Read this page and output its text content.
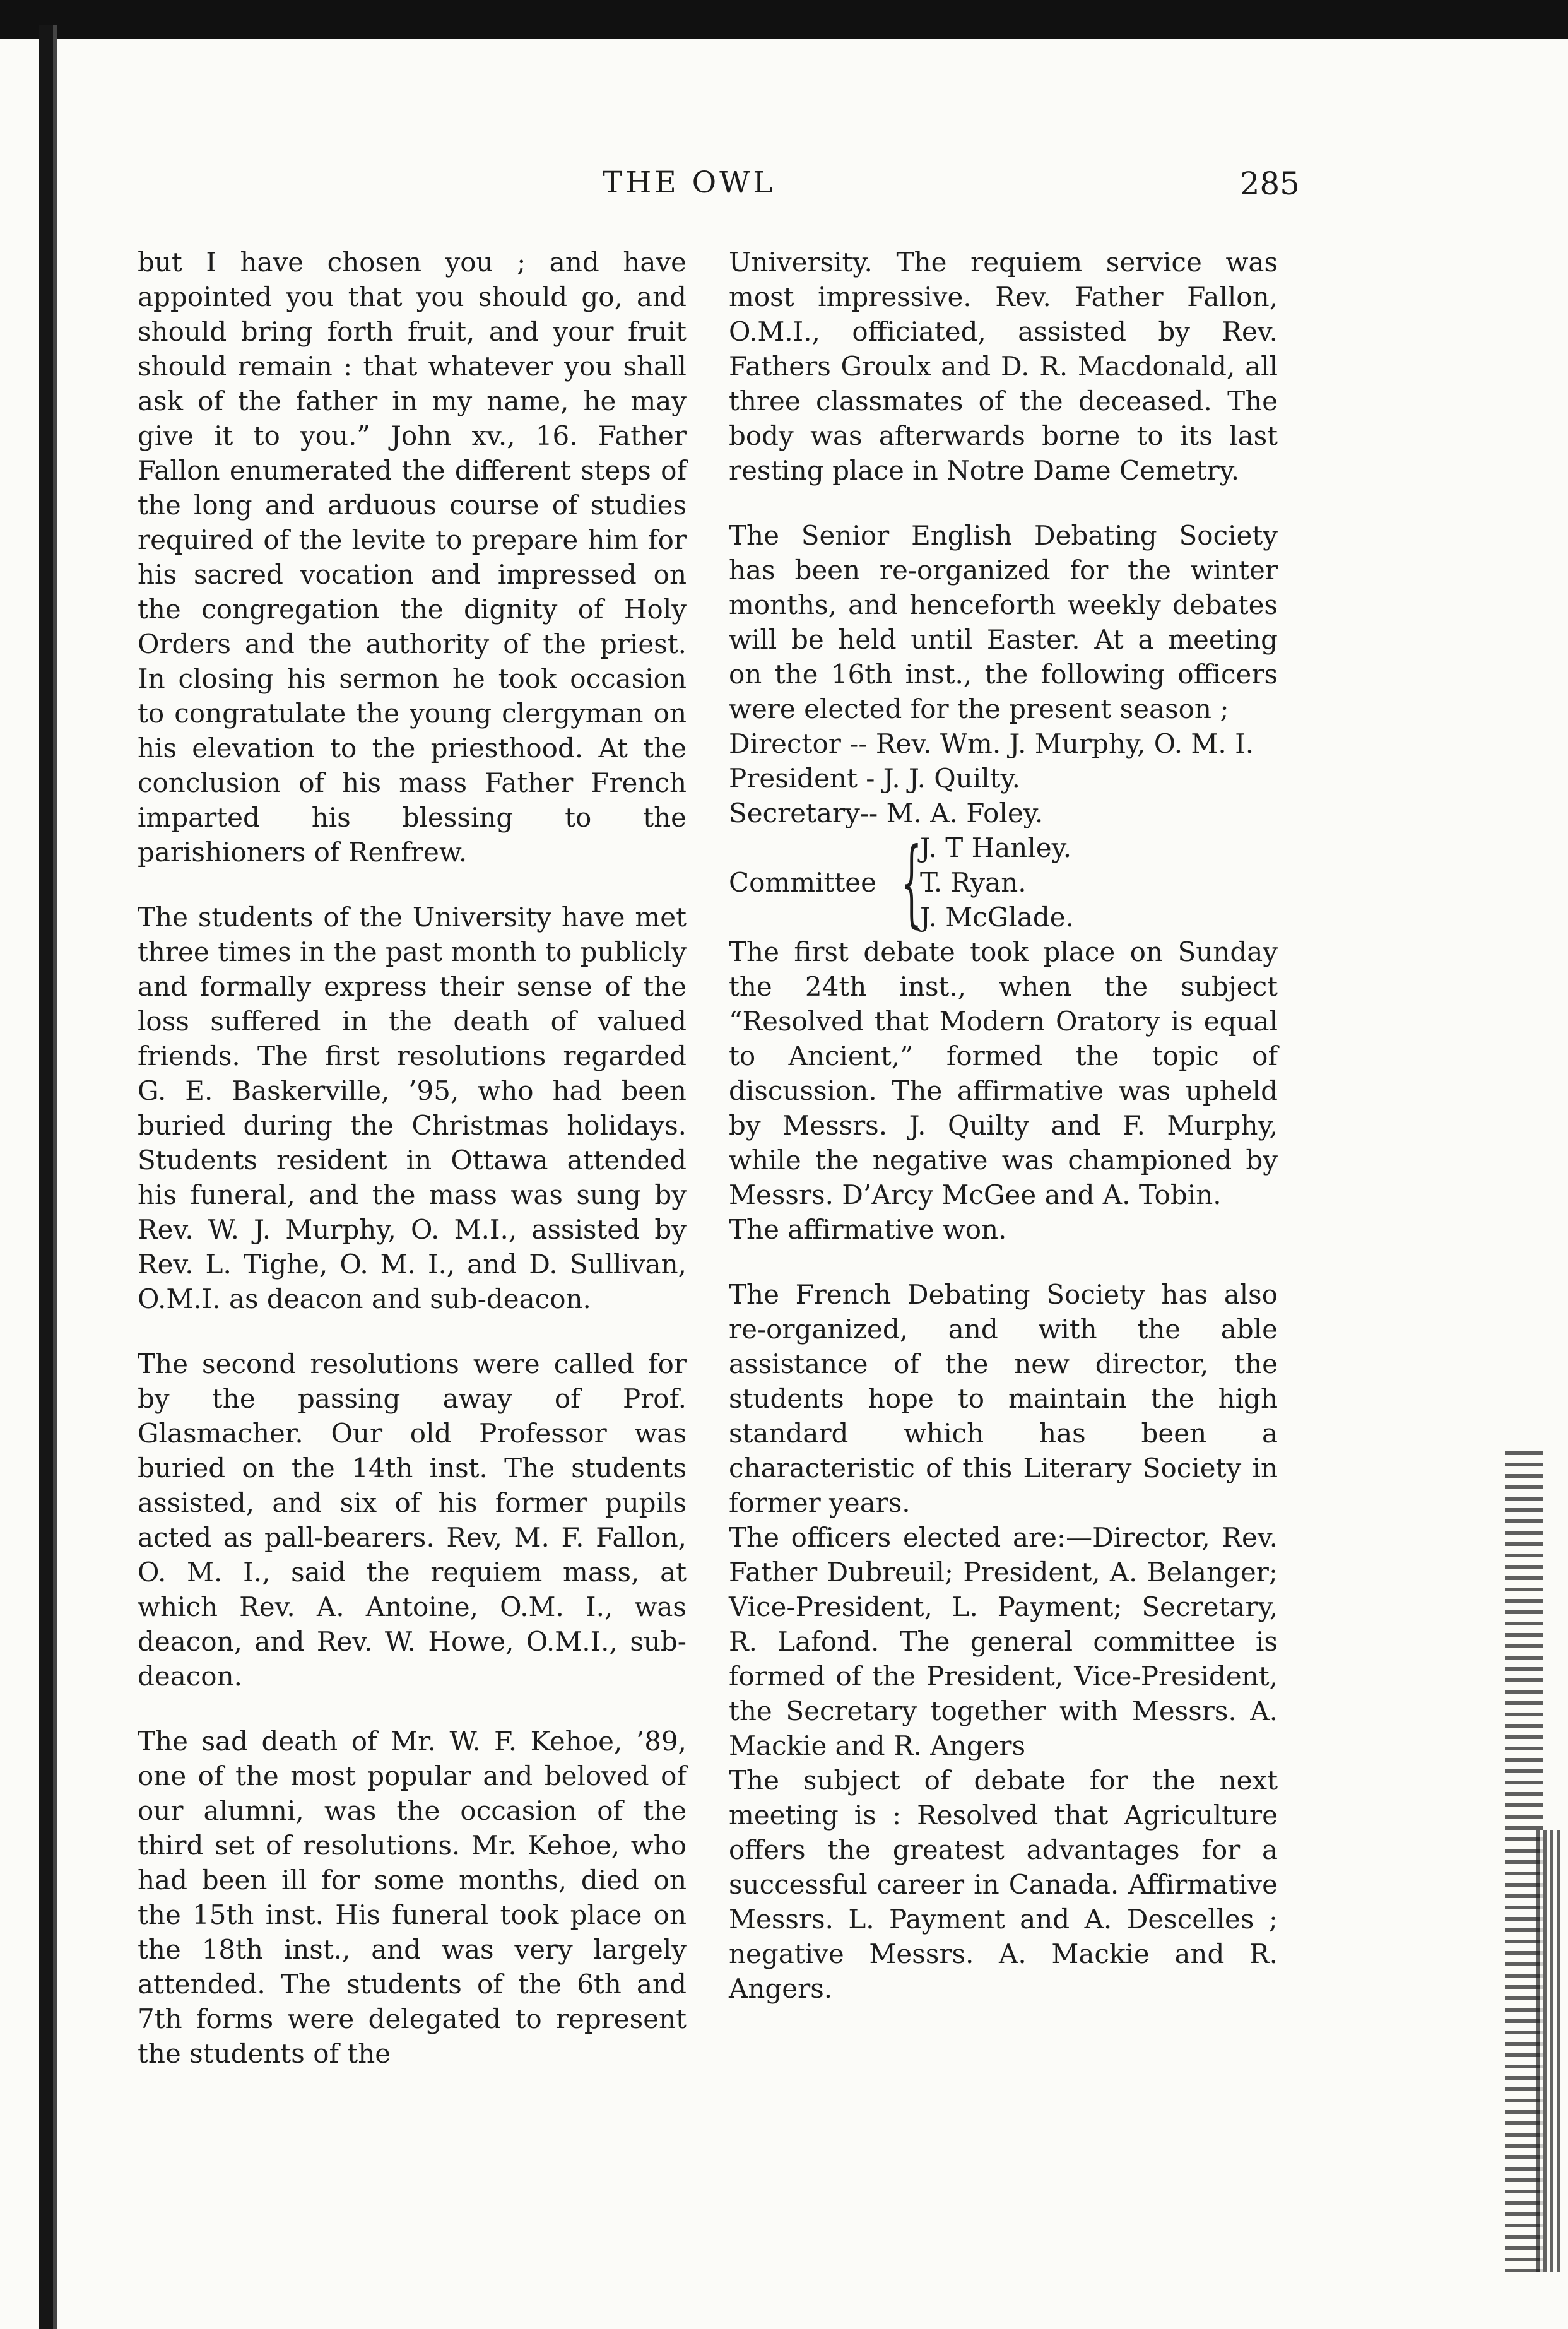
THE OWL	285

but I have chosen you ; and have appointed you that you should go, and should bring forth fruit, and your fruit should remain : that whatever you shall ask of the father in my name, he may give it to you.” John xv., 16. Father Fallon enumerated the different steps of the long and arduous course of studies required of the levite to prepare him for his sacred vocation and impressed on the congregation the dignity of Holy Orders and the authority of the priest. In closing his sermon he took occasion to congratulate the young clergyman on his elevation to the priesthood. At the conclusion of his mass Father French imparted his blessing to the parishioners of Renfrew.

The students of the University have met three times in the past month to publicly and formally express their sense of the loss suffered in the death of valued friends. The first resolutions regarded G. E. Baskerville, ’95, who had been buried during the Christmas holidays. Students resident in Ottawa attended his funeral, and the mass was sung by Rev. W. J. Murphy, O. M.I., assisted by Rev. L. Tighe, O. M. I., and D. Sullivan, O.M.I. as deacon and sub-deacon.

The second resolutions were called for by the passing away of Prof. Glasmacher. Our old Professor was buried on the 14th inst. The students assisted, and six of his former pupils acted as pall-bearers. Rev, M. F. Fallon, O. M. I., said the requiem mass, at which Rev. A. Antoine, O.M. I., was deacon, and Rev. W. Howe, O.M.I., sub-deacon.

The sad death of Mr. W. F. Kehoe, ’89, one of the most popular and beloved of our alumni, was the occasion of the third set of resolutions. Mr. Kehoe, who had been ill for some months, died on the 15th inst. His funeral took place on the 18th inst., and was very largely attended. The students of the 6th and 7th forms were delegated to represent the students of the

University. The requiem service was most impressive. Rev. Father Fallon, O.M.I., officiated, assisted by Rev. Fathers Groulx and D. R. Macdonald, all three classmates of the deceased. The body was afterwards borne to its last resting place in Notre Dame Cemetry.

The Senior English Debating Society has been re-organized for the winter months, and henceforth weekly debates will be held until Easter. At a meeting on the 16th inst., the following officers were elected for the present season ;

Director --
Rev. Wm. J. Murphy, O. M. I.
President -
J. J. Quilty.
Secretary--
M. A. Foley.
Committee {
J. T Hanley.
T. Ryan.
J. McGlade.

The first debate took place on Sunday the 24th inst., when the subject “Resolved that Modern Oratory is equal to Ancient,” formed the topic of discussion. The affirmative was upheld by Messrs. J. Quilty and F. Murphy, while the negative was championed by Messrs. D’Arcy McGee and A. Tobin.

The affirmative won.

The French Debating Society has also re-organized, and with the able assistance of the new director, the students hope to maintain the high standard which has been a characteristic of this Literary Society in former years.

The officers elected are:—Director, Rev. Father Dubreuil; President, A. Belanger; Vice-President, L. Payment; Secretary, R. Lafond. The general committee is formed of the President, Vice-President, the Secretary together with Messrs. A. Mackie and R. Angers

The subject of debate for the next meeting is : Resolved that Agriculture offers the greatest advantages for a successful career in Canada. Affirmative Messrs. L. Payment and A. Descelles ; negative Messrs. A. Mackie and R. Angers.
